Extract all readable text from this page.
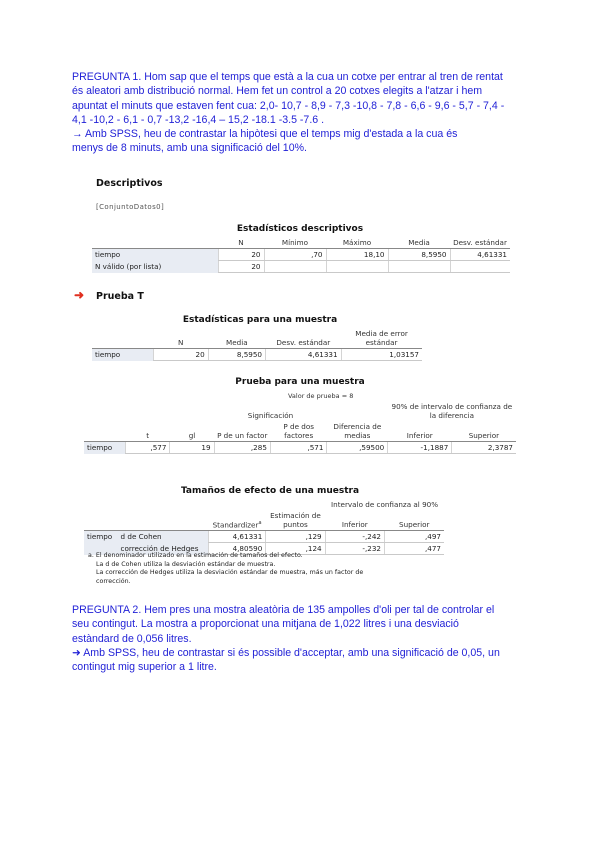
PREGUNTA 1. Hom sap que el temps que està a la cua un cotxe per entrar al tren de rentat

és aleatori amb distribució normal. Hem fet un control a 20 cotxes elegits a l'atzar i hem

apuntat el minuts que estaven fent cua: 2,0- 10,7 - 8,9 - 7,3 -10,8 - 7,8 - 6,6 - 9,6 - 5,7 - 7,4 -

4,1 -10,2 - 6,1 - 0,7 -13,2 -16,4 – 15,2 -18.1 -3.5 -7.6 .

→ Amb SPSS, heu de contrastar la hipòtesi que el temps mig d'estada a la cua és

menys de 8 minuts, amb una significació del 10%.

Descriptivos
[ConjuntoDatos0]
Estadísticos descriptivos
	N	Mínimo	Máximo	Media	Desv. estándar
tiempo	20	,70	18,10	8,5950	4,61331
N válido (por lista)	20				
➜ Prueba T
Estadísticas para una muestra
	N	Media	Desv. estándar	Media de error estándar
tiempo	20	8,5950	4,61331	1,03157
Prueba para una muestra
	Valor de prueba = 8						
			Significación			90% de intervalo de confianza de la diferencia	
	t	gl	P de un factor	P de dos factores	Diferencia de medias	Inferior	Superior
tiempo	,577	19	,285	,571	,59500	-1,1887	2,3787
Tamaños de efecto de una muestra
				Intervalo de confianza al 90%	
		Standardizer$^a$	Estimación de puntos	Inferior	Superior
tiempo	d de Cohen	4,61331	,129	-,242	,497
	corrección de Hedges	4,80590	,124	-,232	,477
a. El denominador utilizado en la estimación de tamaños del efecto.
La d de Cohen utiliza la desviación estándar de muestra.
La corrección de Hedges utiliza la desviación estándar de muestra, más un factor de
corrección.

PREGUNTA 2. Hem pres una mostra aleatòria de 135 ampolles d'oli per tal de controlar el

seu contingut. La mostra a proporcionat una mitjana de 1,022 litres i una desviació

estàndard de 0,056 litres.

➜ Amb SPSS, heu de contrastar si és possible d'acceptar, amb una significació de 0,05, un

contingut mig superior a 1 litre.
